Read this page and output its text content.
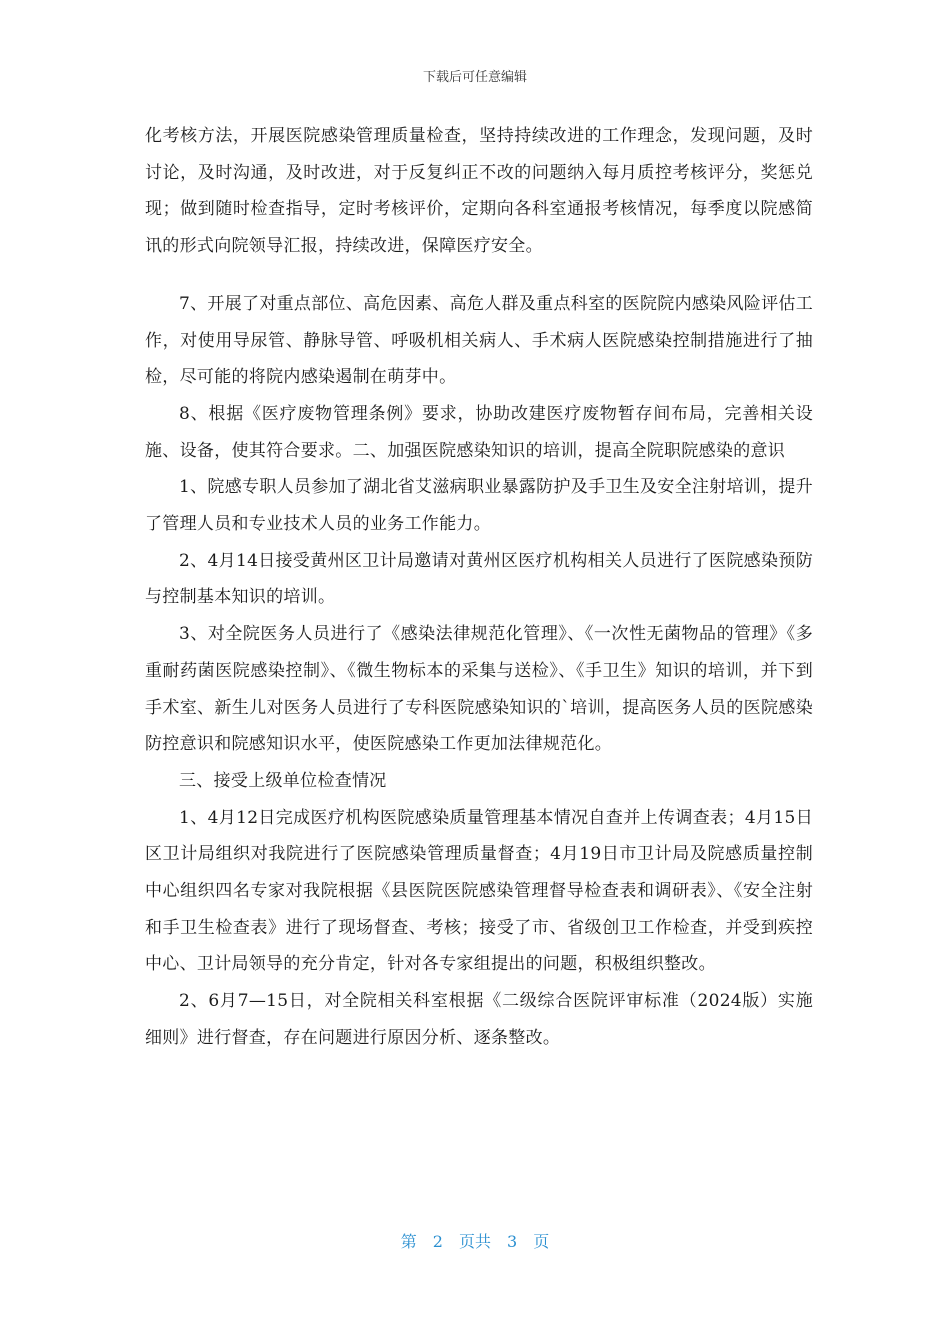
下载后可任意编辑

化考核方法，开展医院感染管理质量检查，坚持持续改进的工作理念，发现问题，及时讨论，及时沟通，及时改进，对于反复纠正不改的问题纳入每月质控考核评分，奖惩兑现；做到随时检查指导，定时考核评价，定期向各科室通报考核情况，每季度以院感简讯的形式向院领导汇报，持续改进，保障医疗安全。

7、开展了对重点部位、高危因素、高危人群及重点科室的医院院内感染风险评估工作，对使用导尿管、静脉导管、呼吸机相关病人、手术病人医院感染控制措施进行了抽检，尽可能的将院内感染遏制在萌芽中。

8、根据《医疗废物管理条例》要求，协助改建医疗废物暂存间布局，完善相关设施、设备，使其符合要求。二、加强医院感染知识的培训，提高全院职院感染的意识

1、院感专职人员参加了湖北省艾滋病职业暴露防护及手卫生及安全注射培训，提升了管理人员和专业技术人员的业务工作能力。

2、4月14日接受黄州区卫计局邀请对黄州区医疗机构相关人员进行了医院感染预防与控制基本知识的培训。

3、对全院医务人员进行了《感染法律规范化管理》、《一次性无菌物品的管理》《多重耐药菌医院感染控制》、《微生物标本的采集与送检》、《手卫生》知识的培训，并下到手术室、新生儿对医务人员进行了专科医院感染知识的`培训，提高医务人员的医院感染防控意识和院感知识水平，使医院感染工作更加法律规范化。

三、接受上级单位检查情况

1、4月12日完成医疗机构医院感染质量管理基本情况自查并上传调查表；4月15日区卫计局组织对我院进行了医院感染管理质量督查；4月19日市卫计局及院感质量控制中心组织四名专家对我院根据《县医院医院感染管理督导检查表和调研表》、《安全注射和手卫生检查表》进行了现场督查、考核；接受了市、省级创卫工作检查，并受到疾控中心、卫计局领导的充分肯定，针对各专家组提出的问题，积极组织整改。

2、6月7—15日，对全院相关科室根据《二级综合医院评审标准（2024版）实施细则》进行督查，存在问题进行原因分析、逐条整改。

第 2 页共 3 页
